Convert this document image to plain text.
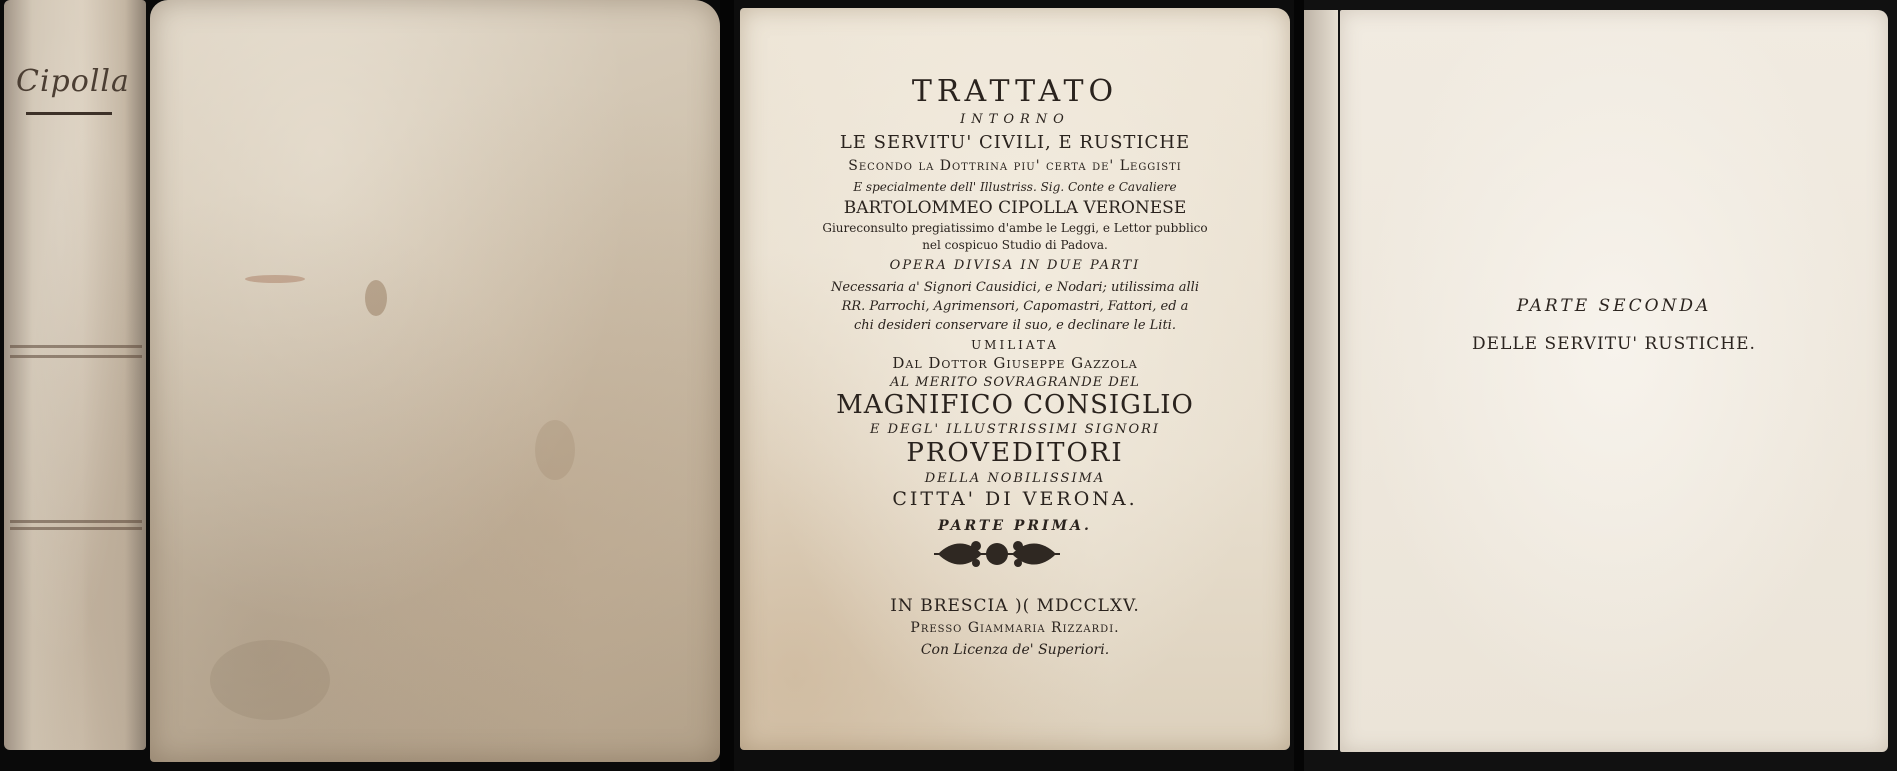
Cipolla	TRATTATO
INTORNO
LE SERVITU' CIVILI, E RUSTICHE
Secondo la Dottrina piu' certa de' Leggisti
E specialmente dell' Illustriss. Sig. Conte e Cavaliere
BARTOLOMMEO CIPOLLA VERONESE
Giureconsulto pregiatissimo d'ambe le Leggi, e Lettor pubblico
nel cospicuo Studio di Padova.
OPERA DIVISA IN DUE PARTI
Necessaria a' Signori Causidici, e Nodari; utilissima alli
RR. Parrochi, Agrimensori, Capomastri, Fattori, ed a
chi desideri conservare il suo, e declinare le Liti.
UMILIATA
Dal Dottor Giuseppe Gazzola
AL MERITO SOVRAGRANDE DEL
MAGNIFICO CONSIGLIO
E DEGL' ILLUSTRISSIMI SIGNORI
PROVEDITORI
DELLA NOBILISSIMA
CITTA' DI VERONA.
PARTE PRIMA.
IN BRESCIA )( MDCCLXV.
Presso Giammaria Rizzardi.
Con Licenza de' Superiori.
PARTE SECONDA
DELLE SERVITU' RUSTICHE.
